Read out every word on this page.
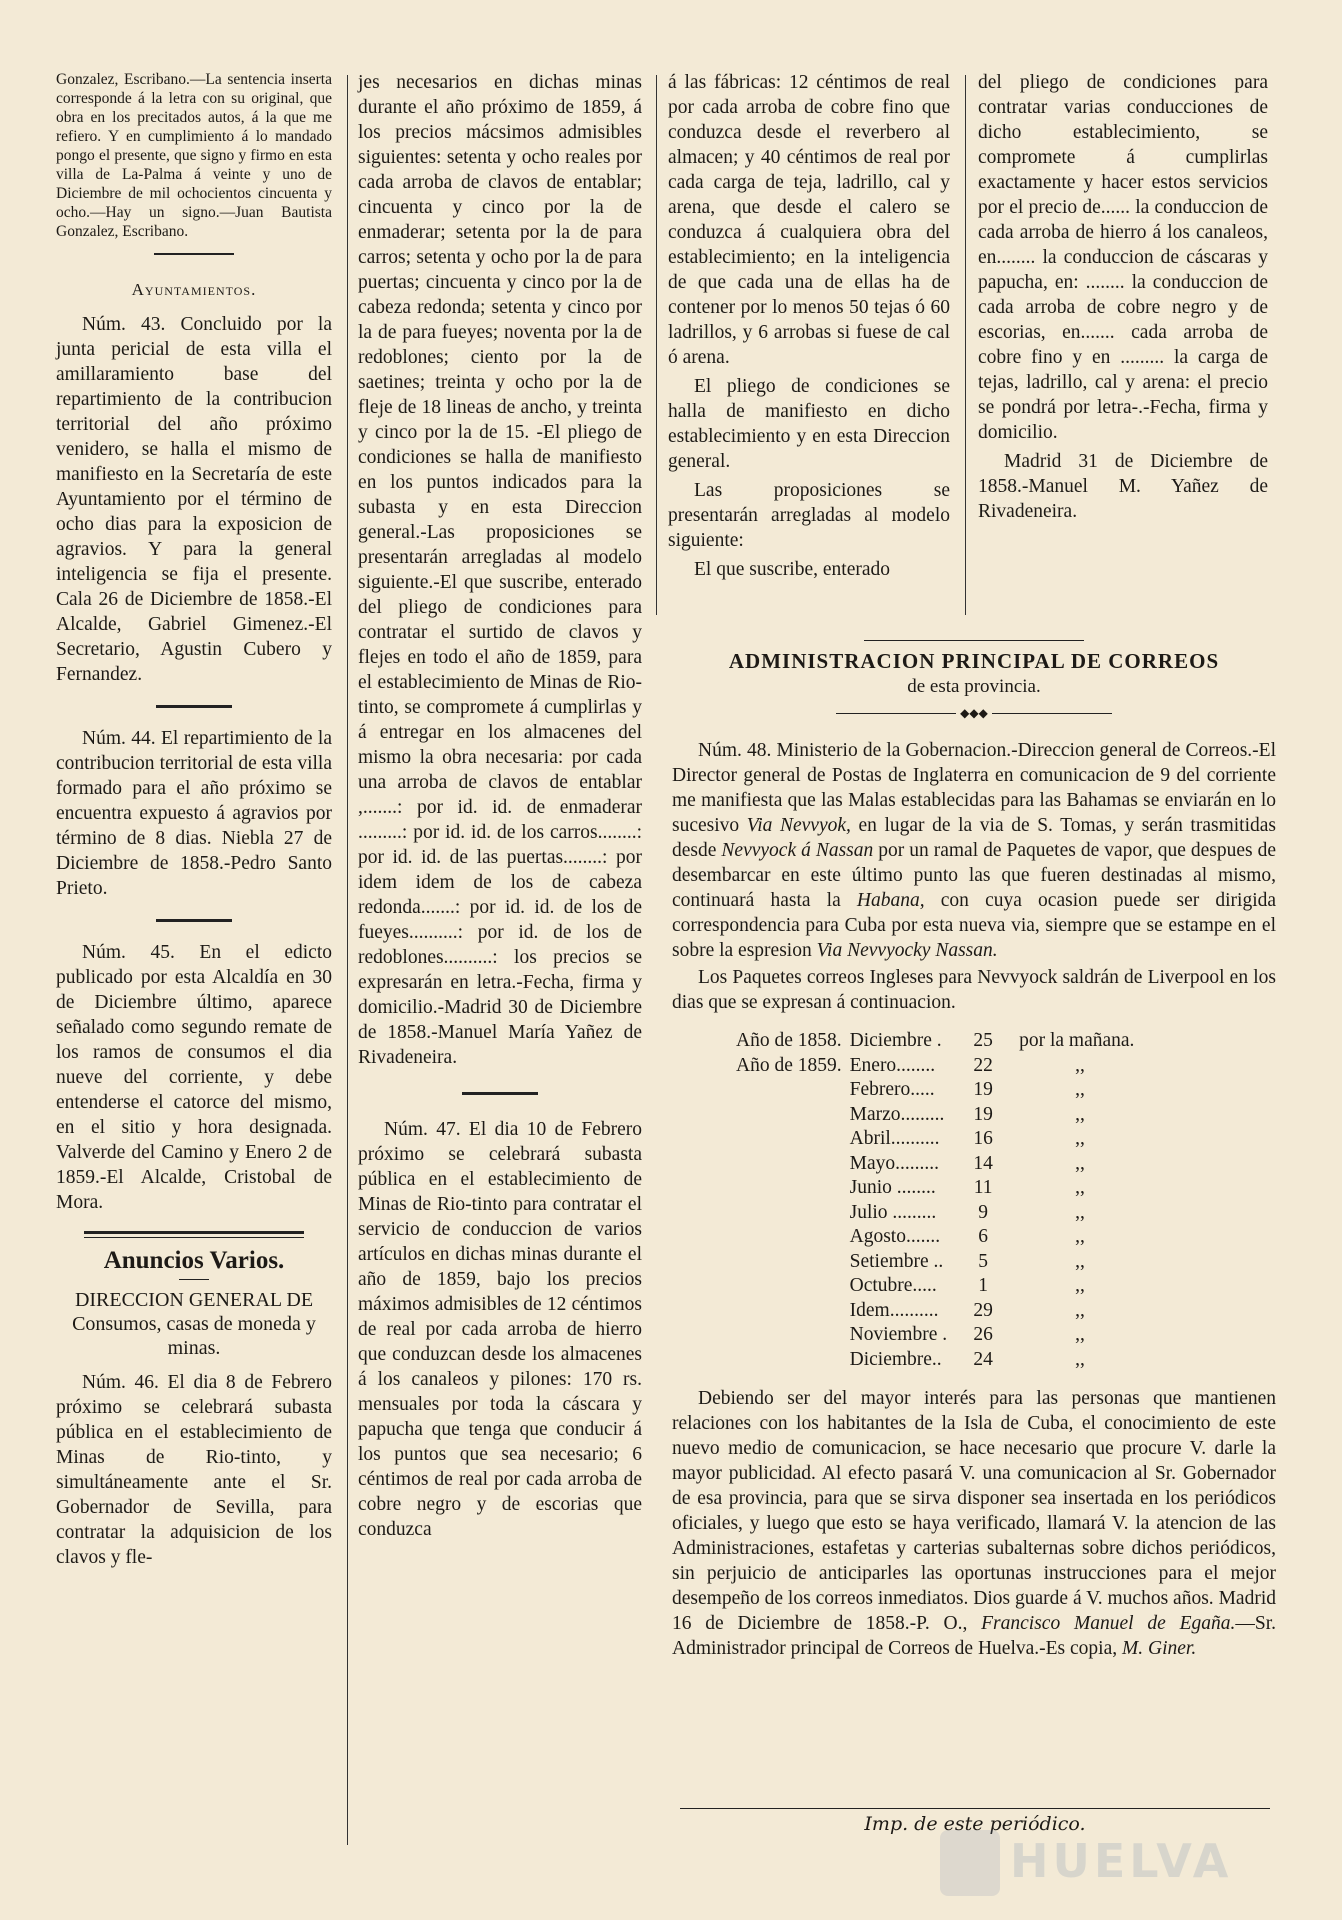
Gonzalez, Escribano.—La sentencia inserta corresponde á la letra con su original, que obra en los precitados autos, á la que me refiero. Y en cumplimiento á lo mandado pongo el presente, que signo y firmo en esta villa de La-Palma á veinte y uno de Diciembre de mil ochocientos cincuenta y ocho.—Hay un signo.—Juan Bautista Gonzalez, Escribano.

Ayuntamientos.

Núm. 43. Concluido por la junta pericial de esta villa el amillaramiento base del repartimiento de la contribucion territorial del año próximo venidero, se halla el mismo de manifiesto en la Secretaría de este Ayuntamiento por el término de ocho dias para la exposicion de agravios. Y para la general inteligencia se fija el presente. Cala 26 de Diciembre de 1858.-El Alcalde, Gabriel Gimenez.-El Secretario, Agustin Cubero y Fernandez.

Núm. 44. El repartimiento de la contribucion territorial de esta villa formado para el año próximo se encuentra expuesto á agravios por término de 8 dias. Niebla 27 de Diciembre de 1858.-Pedro Santo Prieto.

Núm. 45. En el edicto publicado por esta Alcaldía en 30 de Diciembre último, aparece señalado como segundo remate de los ramos de consumos el dia nueve del corriente, y debe entenderse el catorce del mismo, en el sitio y hora designada. Valverde del Camino y Enero 2 de 1859.-El Alcalde, Cristobal de Mora.

Anuncios Varios.
DIRECCION GENERAL DE Consumos, casas de moneda y minas.

Núm. 46. El dia 8 de Febrero próximo se celebrará subasta pública en el establecimiento de Minas de Rio-tinto, y simultáneamente ante el Sr. Gobernador de Sevilla, para contratar la adquisicion de los clavos y fle-

jes necesarios en dichas minas durante el año próximo de 1859, á los precios mácsimos admisibles siguientes: setenta y ocho reales por cada arroba de clavos de entablar; cincuenta y cinco por la de enmaderar; setenta por la de para carros; setenta y ocho por la de para puertas; cincuenta y cinco por la de cabeza redonda; setenta y cinco por la de para fueyes; noventa por la de redoblones; ciento por la de saetines; treinta y ocho por la de fleje de 18 lineas de ancho, y treinta y cinco por la de 15. -El pliego de condiciones se halla de manifiesto en los puntos indicados para la subasta y en esta Direccion general.-Las proposiciones se presentarán arregladas al modelo siguiente.-El que suscribe, enterado del pliego de condiciones para contratar el surtido de clavos y flejes en todo el año de 1859, para el establecimiento de Minas de Rio-tinto, se compromete á cumplirlas y á entregar en los almacenes del mismo la obra necesaria: por cada una arroba de clavos de entablar ,.......: por id. id. de enmaderar .........: por id. id. de los carros........: por id. id. de las puertas........: por idem idem de los de cabeza redonda.......: por id. id. de los de fueyes..........: por id. de los de redoblones..........: los precios se expresarán en letra.-Fecha, firma y domicilio.-Madrid 30 de Diciembre de 1858.-Manuel María Yañez de Rivadeneira.

Núm. 47. El dia 10 de Febrero próximo se celebrará subasta pública en el establecimiento de Minas de Rio-tinto para contratar el servicio de conduccion de varios artículos en dichas minas durante el año de 1859, bajo los precios máximos admisibles de 12 céntimos de real por cada arroba de hierro que conduzcan desde los almacenes á los canaleos y pilones: 170 rs. mensuales por toda la cáscara y papucha que tenga que conducir á los puntos que sea necesario; 6 céntimos de real por cada arroba de cobre negro y de escorias que conduzca

á las fábricas: 12 céntimos de real por cada arroba de cobre fino que conduzca desde el reverbero al almacen; y 40 céntimos de real por cada carga de teja, ladrillo, cal y arena, que desde el calero se conduzca á cualquiera obra del establecimiento; en la inteligencia de que cada una de ellas ha de contener por lo menos 50 tejas ó 60 ladrillos, y 6 arrobas si fuese de cal ó arena.

El pliego de condiciones se halla de manifiesto en dicho establecimiento y en esta Direccion general.

Las proposiciones se presentarán arregladas al modelo siguiente:

El que suscribe, enterado

del pliego de condiciones para contratar varias conducciones de dicho establecimiento, se compromete á cumplirlas exactamente y hacer estos servicios por el precio de...... la conduccion de cada arroba de hierro á los canaleos, en........ la conduccion de cáscaras y papucha, en: ........ la conduccion de cada arroba de cobre negro y de escorias, en....... cada arroba de cobre fino y en ......... la carga de tejas, ladrillo, cal y arena: el precio se pondrá por letra-.-Fecha, firma y domicilio.

Madrid 31 de Diciembre de 1858.-Manuel M. Yañez de Rivadeneira.

ADMINISTRACION PRINCIPAL DE CORREOS
de esta provincia.
◆◆◆

Núm. 48. Ministerio de la Gobernacion.-Direccion general de Correos.-El Director general de Postas de Inglaterra en comunicacion de 9 del corriente me manifiesta que las Malas establecidas para las Bahamas se enviarán en lo sucesivo Via Nevvyok, en lugar de la via de S. Tomas, y serán trasmitidas desde Nevvyock á Nassan por un ramal de Paquetes de vapor, que despues de desembarcar en este último punto las que fueren destinadas al mismo, continuará hasta la Habana, con cuya ocasion puede ser dirigida correspondencia para Cuba por esta nueva via, siempre que se estampe en el sobre la espresion Via Nevvyocky Nassan.

Los Paquetes correos Ingleses para Nevvyock saldrán de Liverpool en los dias que se expresan á continuacion.

Año de 1858.	Diciembre .	25	por la mañana.
Año de 1859.	Enero........	22	,,
	Febrero.....	19	,,
	Marzo.........	19	,,
	Abril..........	16	,,
	Mayo.........	14	,,
	Junio ........	11	,,
	Julio .........	9	,,
	Agosto.......	6	,,
	Setiembre ..	5	,,
	Octubre.....	1	,,
	Idem..........	29	,,
	Noviembre .	26	,,
	Diciembre..	24	,,

Debiendo ser del mayor interés para las personas que mantienen relaciones con los habitantes de la Isla de Cuba, el conocimiento de este nuevo medio de comunicacion, se hace necesario que procure V. darle la mayor publicidad. Al efecto pasará V. una comunicacion al Sr. Gobernador de esa provincia, para que se sirva disponer sea insertada en los periódicos oficiales, y luego que esto se haya verificado, llamará V. la atencion de las Administraciones, estafetas y carterias subalternas sobre dichos periódicos, sin perjuicio de anticiparles las oportunas instrucciones para el mejor desempeño de los correos inmediatos. Dios guarde á V. muchos años. Madrid 16 de Diciembre de 1858.-P. O., Francisco Manuel de Egaña.—Sr. Administrador principal de Correos de Huelva.-Es copia, M. Giner.

Imp. de este periódico.
HUELVA
